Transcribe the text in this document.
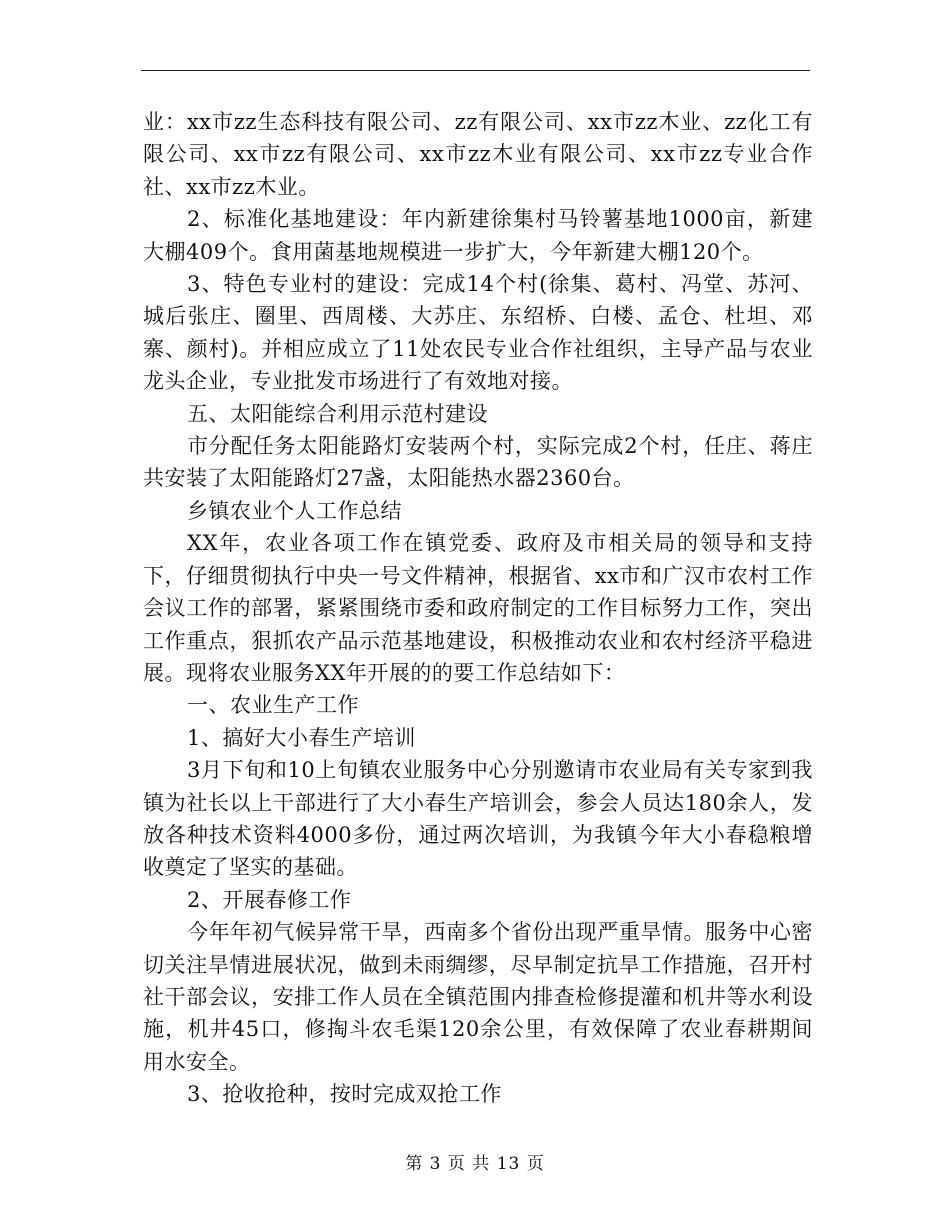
业：xx市zz生态科技有限公司、zz有限公司、xx市zz木业、zz化工有限公司、xx市zz有限公司、xx市zz木业有限公司、xx市zz专业合作社、xx市zz木业。

2、标准化基地建设：年内新建徐集村马铃薯基地1000亩，新建大棚409个。食用菌基地规模进一步扩大，今年新建大棚120个。

3、特色专业村的建设：完成14个村(徐集、葛村、冯堂、苏河、城后张庄、圈里、西周楼、大苏庄、东绍桥、白楼、孟仓、杜坦、邓寨、颜村)。并相应成立了11处农民专业合作社组织，主导产品与农业龙头企业，专业批发市场进行了有效地对接。

五、太阳能综合利用示范村建设

市分配任务太阳能路灯安装两个村，实际完成2个村，任庄、蒋庄共安装了太阳能路灯27盏，太阳能热水器2360台。

乡镇农业个人工作总结

XX年，农业各项工作在镇党委、政府及市相关局的领导和支持下，仔细贯彻执行中央一号文件精神，根据省、xx市和广汉市农村工作会议工作的部署，紧紧围绕市委和政府制定的工作目标努力工作，突出工作重点，狠抓农产品示范基地建设，积极推动农业和农村经济平稳进展。现将农业服务XX年开展的的要工作总结如下：

一、农业生产工作

1、搞好大小春生产培训

3月下旬和10上旬镇农业服务中心分别邀请市农业局有关专家到我镇为社长以上干部进行了大小春生产培训会，参会人员达180余人，发放各种技术资料4000多份，通过两次培训，为我镇今年大小春稳粮增收奠定了坚实的基础。

2、开展春修工作

今年年初气候异常干旱，西南多个省份出现严重旱情。服务中心密切关注旱情进展状况，做到未雨绸缪，尽早制定抗旱工作措施，召开村社干部会议，安排工作人员在全镇范围内排查检修提灌和机井等水利设施，机井45口，修掏斗农毛渠120余公里，有效保障了农业春耕期间用水安全。

3、抢收抢种，按时完成双抢工作

第 3 页 共 13 页
